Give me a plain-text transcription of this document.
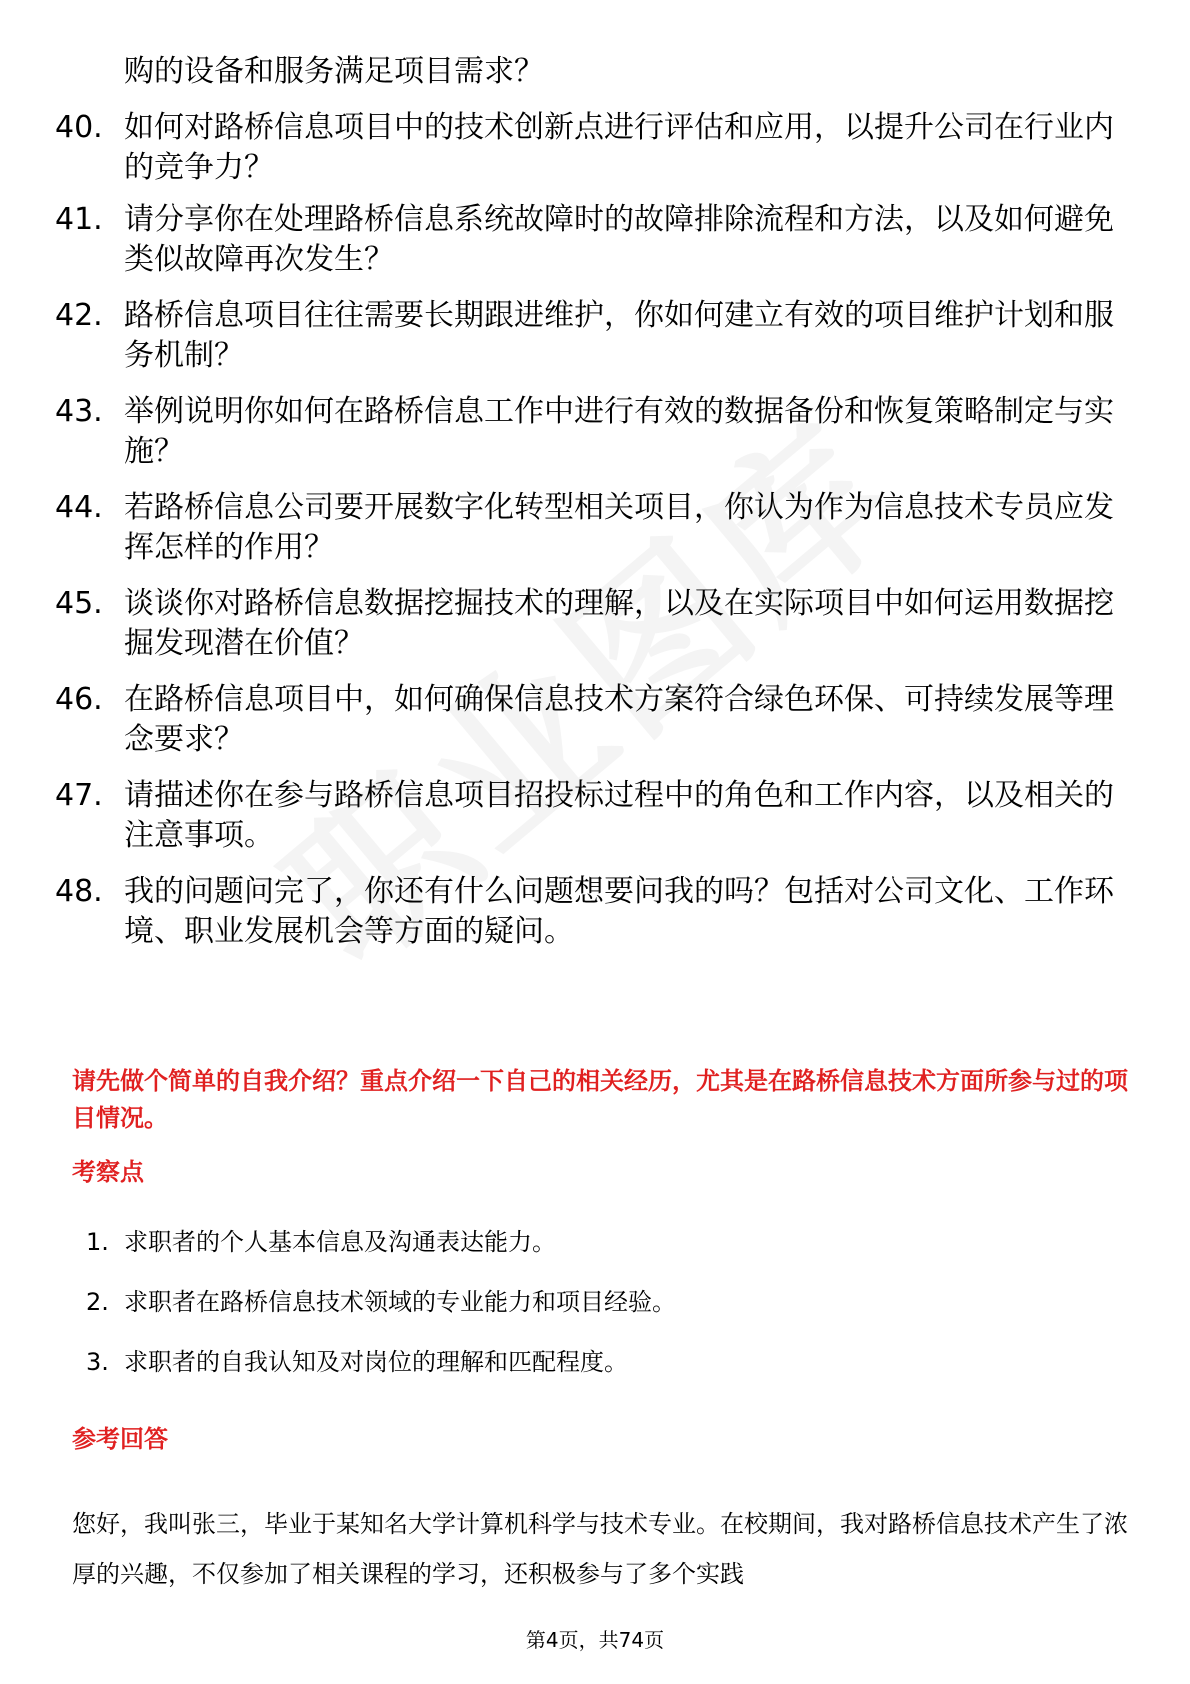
购的设备和服务满足项目需求？
40. 如何对路桥信息项目中的技术创新点进行评估和应用，以提升公司在行业内的竞争力？
41. 请分享你在处理路桥信息系统故障时的故障排除流程和方法，以及如何避免类似故障再次发生？
42. 路桥信息项目往往需要长期跟进维护，你如何建立有效的项目维护计划和服务机制？
43. 举例说明你如何在路桥信息工作中进行有效的数据备份和恢复策略制定与实施？
44. 若路桥信息公司要开展数字化转型相关项目，你认为作为信息技术专员应发挥怎样的作用？
45. 谈谈你对路桥信息数据挖掘技术的理解，以及在实际项目中如何运用数据挖掘发现潜在价值？
46. 在路桥信息项目中，如何确保信息技术方案符合绿色环保、可持续发展等理念要求？
47. 请描述你在参与路桥信息项目招投标过程中的角色和工作内容，以及相关的注意事项。
48. 我的问题问完了，你还有什么问题想要问我的吗？包括对公司文化、工作环境、职业发展机会等方面的疑问。
请先做个简单的自我介绍？重点介绍一下自己的相关经历，尤其是在路桥信息技术方面所参与过的项目情况。
考察点
1. 求职者的个人基本信息及沟通表达能力。
2. 求职者在路桥信息技术领域的专业能力和项目经验。
3. 求职者的自我认知及对岗位的理解和匹配程度。
参考回答
您好，我叫张三，毕业于某知名大学计算机科学与技术专业。在校期间，我对路桥信息技术产生了浓厚的兴趣，不仅参加了相关课程的学习，还积极参与了多个实践
第4页，共74页
